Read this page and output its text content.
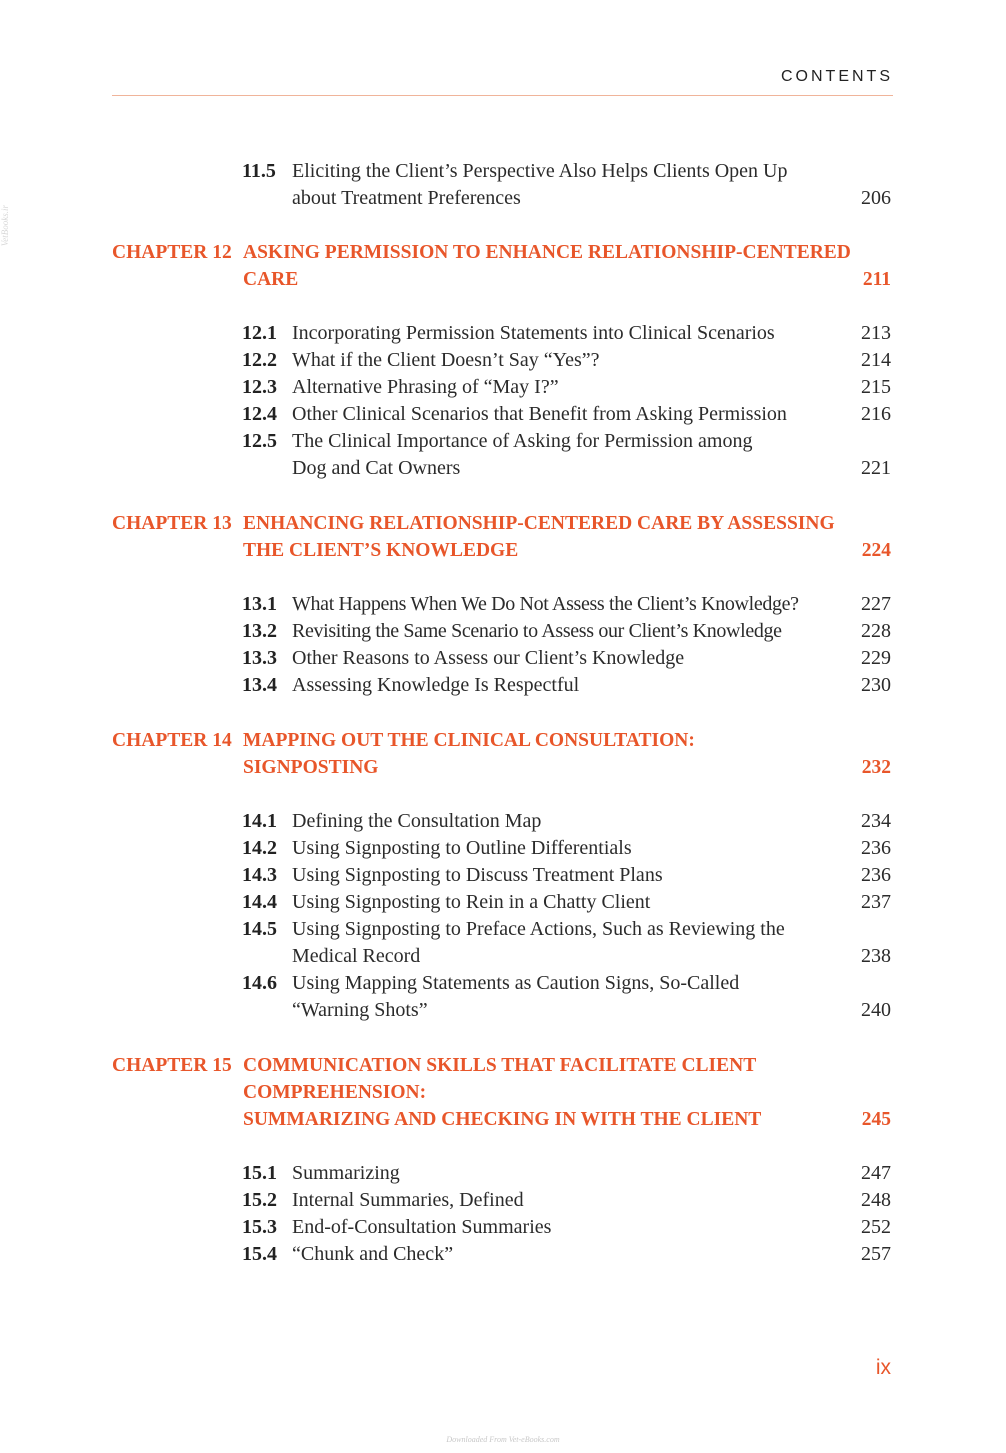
CONTENTS
VetBooks.ir
11.5 Eliciting the Client’s Perspective Also Helps Clients Open Up
about Treatment Preferences	206
CHAPTER 12 ASKING PERMISSION TO ENHANCE RELATIONSHIP-CENTERED
CARE	211
12.1 Incorporating Permission Statements into Clinical Scenarios	213
12.2 What if the Client Doesn’t Say “Yes”?	214
12.3 Alternative Phrasing of “May I?”	215
12.4 Other Clinical Scenarios that Benefit from Asking Permission	216
12.5 The Clinical Importance of Asking for Permission among
Dog and Cat Owners	221
CHAPTER 13 ENHANCING RELATIONSHIP-CENTERED CARE BY ASSESSING
THE CLIENT’S KNOWLEDGE	224
13.1 What Happens When We Do Not Assess the Client’s Knowledge?	227
13.2 Revisiting the Same Scenario to Assess our Client’s Knowledge	228
13.3 Other Reasons to Assess our Client’s Knowledge	229
13.4 Assessing Knowledge Is Respectful	230
CHAPTER 14 MAPPING OUT THE CLINICAL CONSULTATION:
SIGNPOSTING	232
14.1 Defining the Consultation Map	234
14.2 Using Signposting to Outline Differentials	236
14.3 Using Signposting to Discuss Treatment Plans	236
14.4 Using Signposting to Rein in a Chatty Client	237
14.5 Using Signposting to Preface Actions, Such as Reviewing the
Medical Record	238
14.6 Using Mapping Statements as Caution Signs, So-Called
“Warning Shots”	240
CHAPTER 15 COMMUNICATION SKILLS THAT FACILITATE CLIENT
COMPREHENSION:
SUMMARIZING AND CHECKING IN WITH THE CLIENT	245
15.1 Summarizing	247
15.2 Internal Summaries, Defined	248
15.3 End-of-Consultation Summaries	252
15.4 “Chunk and Check”	257
ix
Downloaded From Vet-eBooks.com
